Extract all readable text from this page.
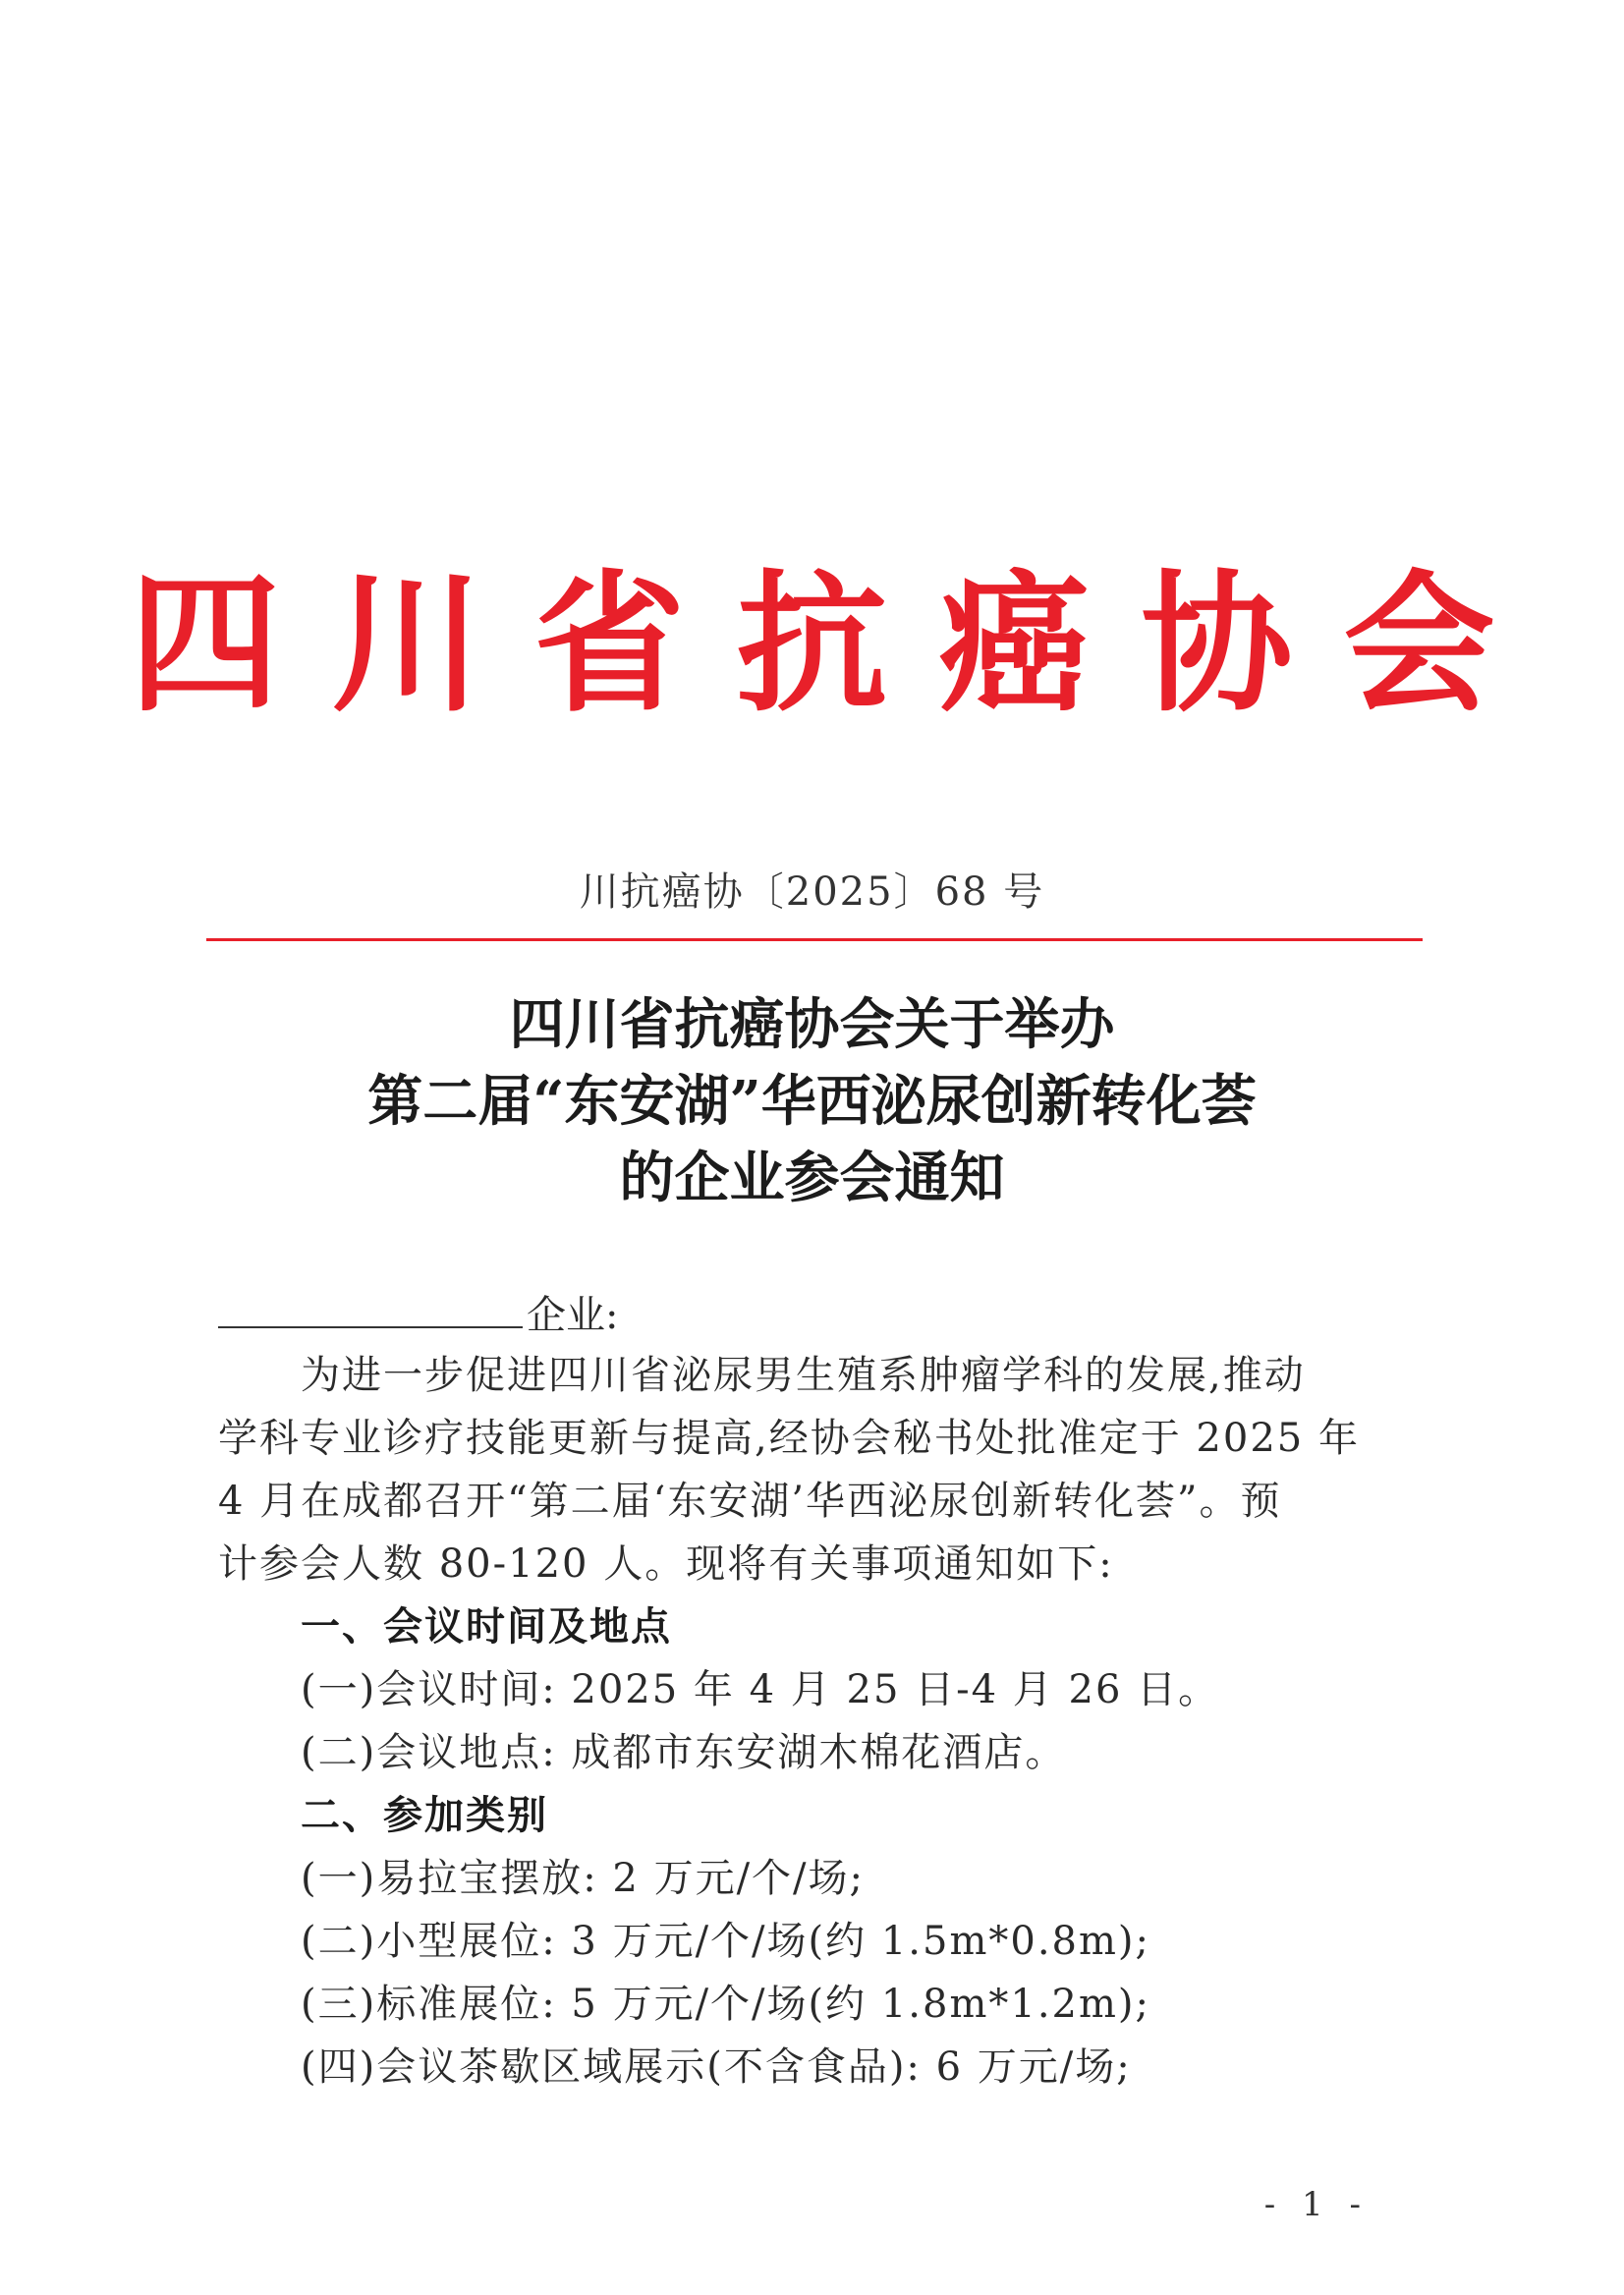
四川省抗癌协会
川抗癌协〔2025〕68 号
四川省抗癌协会关于举办
第二届“东安湖”华西泌尿创新转化荟
的企业参会通知
企业:
为进一步促进四川省泌尿男生殖系肿瘤学科的发展,推动
学科专业诊疗技能更新与提高,经协会秘书处批准定于 2025 年
4 月在成都召开“第二届‘东安湖’华西泌尿创新转化荟”。预
计参会人数 80-120 人。现将有关事项通知如下:
一、会议时间及地点
(一)会议时间: 2025 年 4 月 25 日-4 月 26 日。
(二)会议地点: 成都市东安湖木棉花酒店。
二、参加类别
(一)易拉宝摆放: 2 万元/个/场;
(二)小型展位: 3 万元/个/场(约 1.5m*0.8m);
(三)标准展位: 5 万元/个/场(约 1.8m*1.2m);
(四)会议茶歇区域展示(不含食品): 6 万元/场;
- 1 -
